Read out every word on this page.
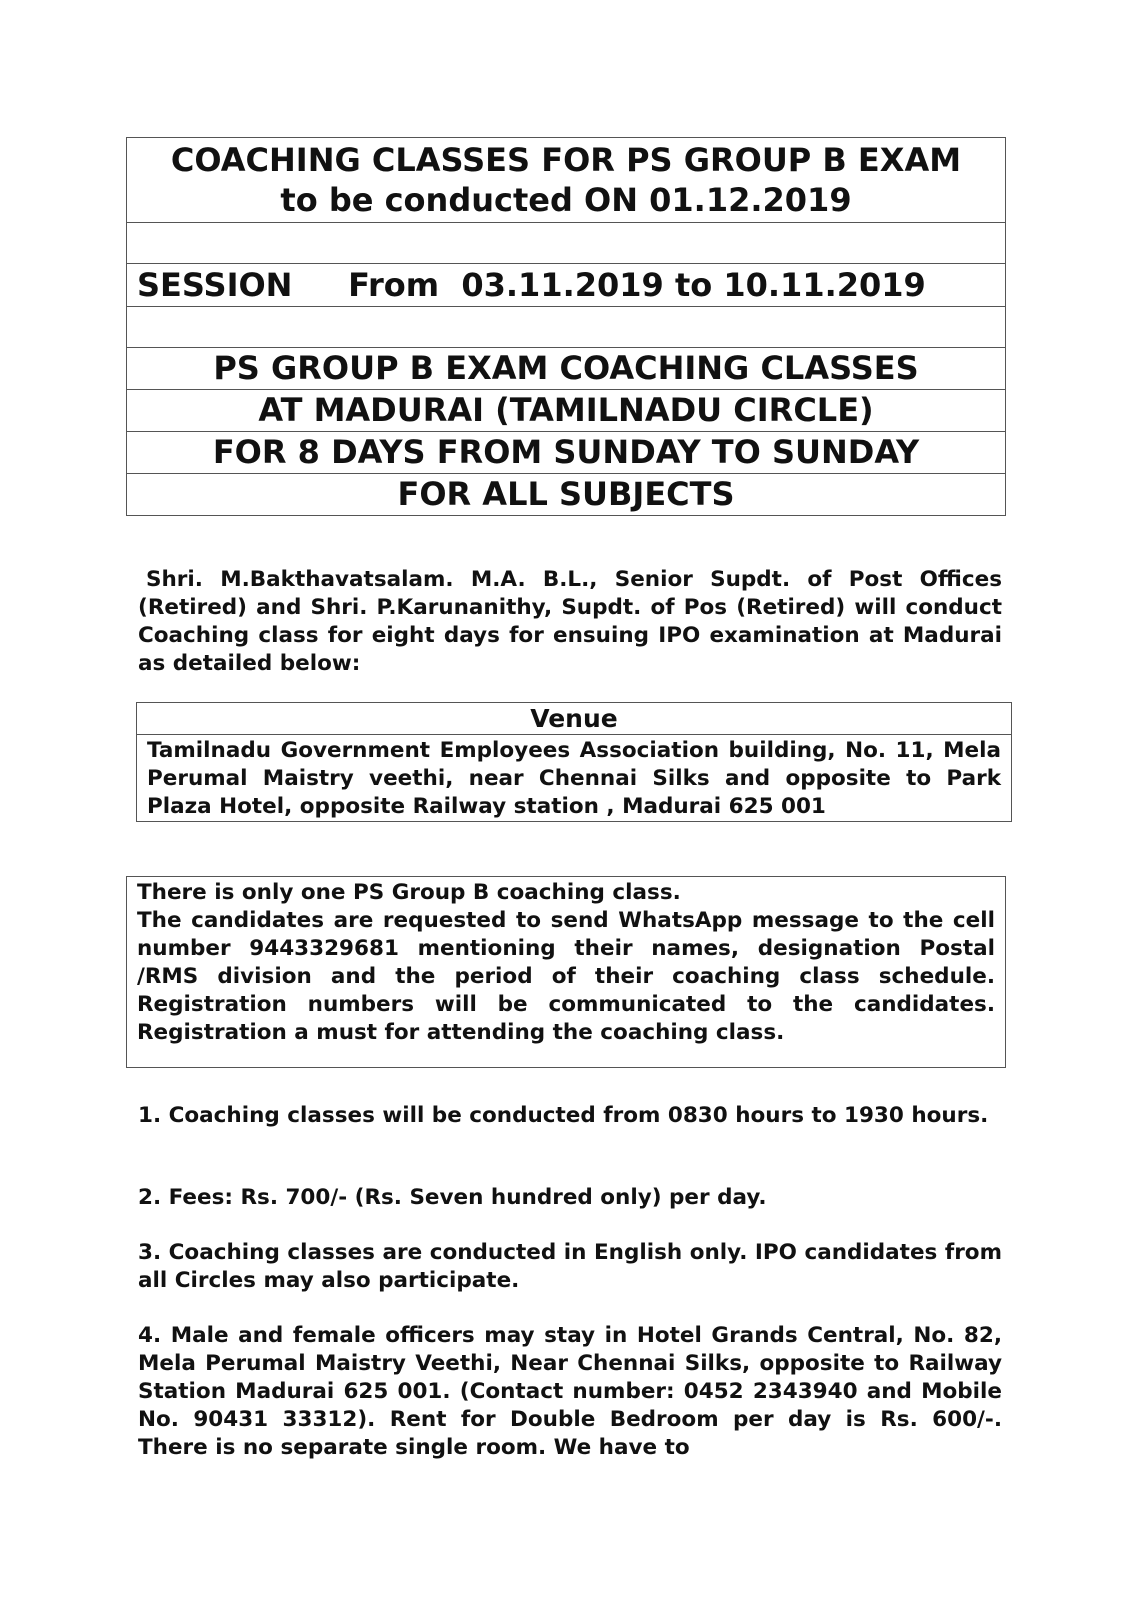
COACHING CLASSES FOR PS GROUP B EXAM
to be conducted ON 01.12.2019

SESSION     From  03.11.2019 to 10.11.2019

PS GROUP B EXAM COACHING CLASSES
AT MADURAI (TAMILNADU CIRCLE)
FOR 8 DAYS FROM SUNDAY TO SUNDAY
FOR ALL SUBJECTS
Shri. M.Bakthavatsalam. M.A. B.L., Senior Supdt. of Post Offices (Retired) and Shri. P.Karunanithy, Supdt. of Pos (Retired) will conduct Coaching class for eight days for ensuing IPO examination at Madurai as detailed below:
Venue
Tamilnadu Government Employees Association building, No. 11, Mela Perumal Maistry veethi, near Chennai Silks and opposite to Park Plaza Hotel, opposite Railway station , Madurai 625 001

There is only one PS Group B coaching class.

The candidates are requested to send WhatsApp message to the cell number 9443329681 mentioning their names, designation Postal /RMS division and the period of their coaching class schedule. Registration numbers will be communicated to the candidates. Registration a must for attending the coaching class.

1. Coaching classes will be conducted from 0830 hours to 1930 hours.
2. Fees: Rs. 700/- (Rs. Seven hundred only) per day.
3. Coaching classes are conducted in English only. IPO candidates from all Circles may also participate.
4. Male and female officers may stay in Hotel Grands Central, No. 82, Mela Perumal Maistry Veethi, Near Chennai Silks, opposite to Railway Station Madurai 625 001. (Contact number: 0452 2343940 and Mobile No. 90431 33312). Rent for Double Bedroom per day is Rs. 600/-. There is no separate single room. We have to
